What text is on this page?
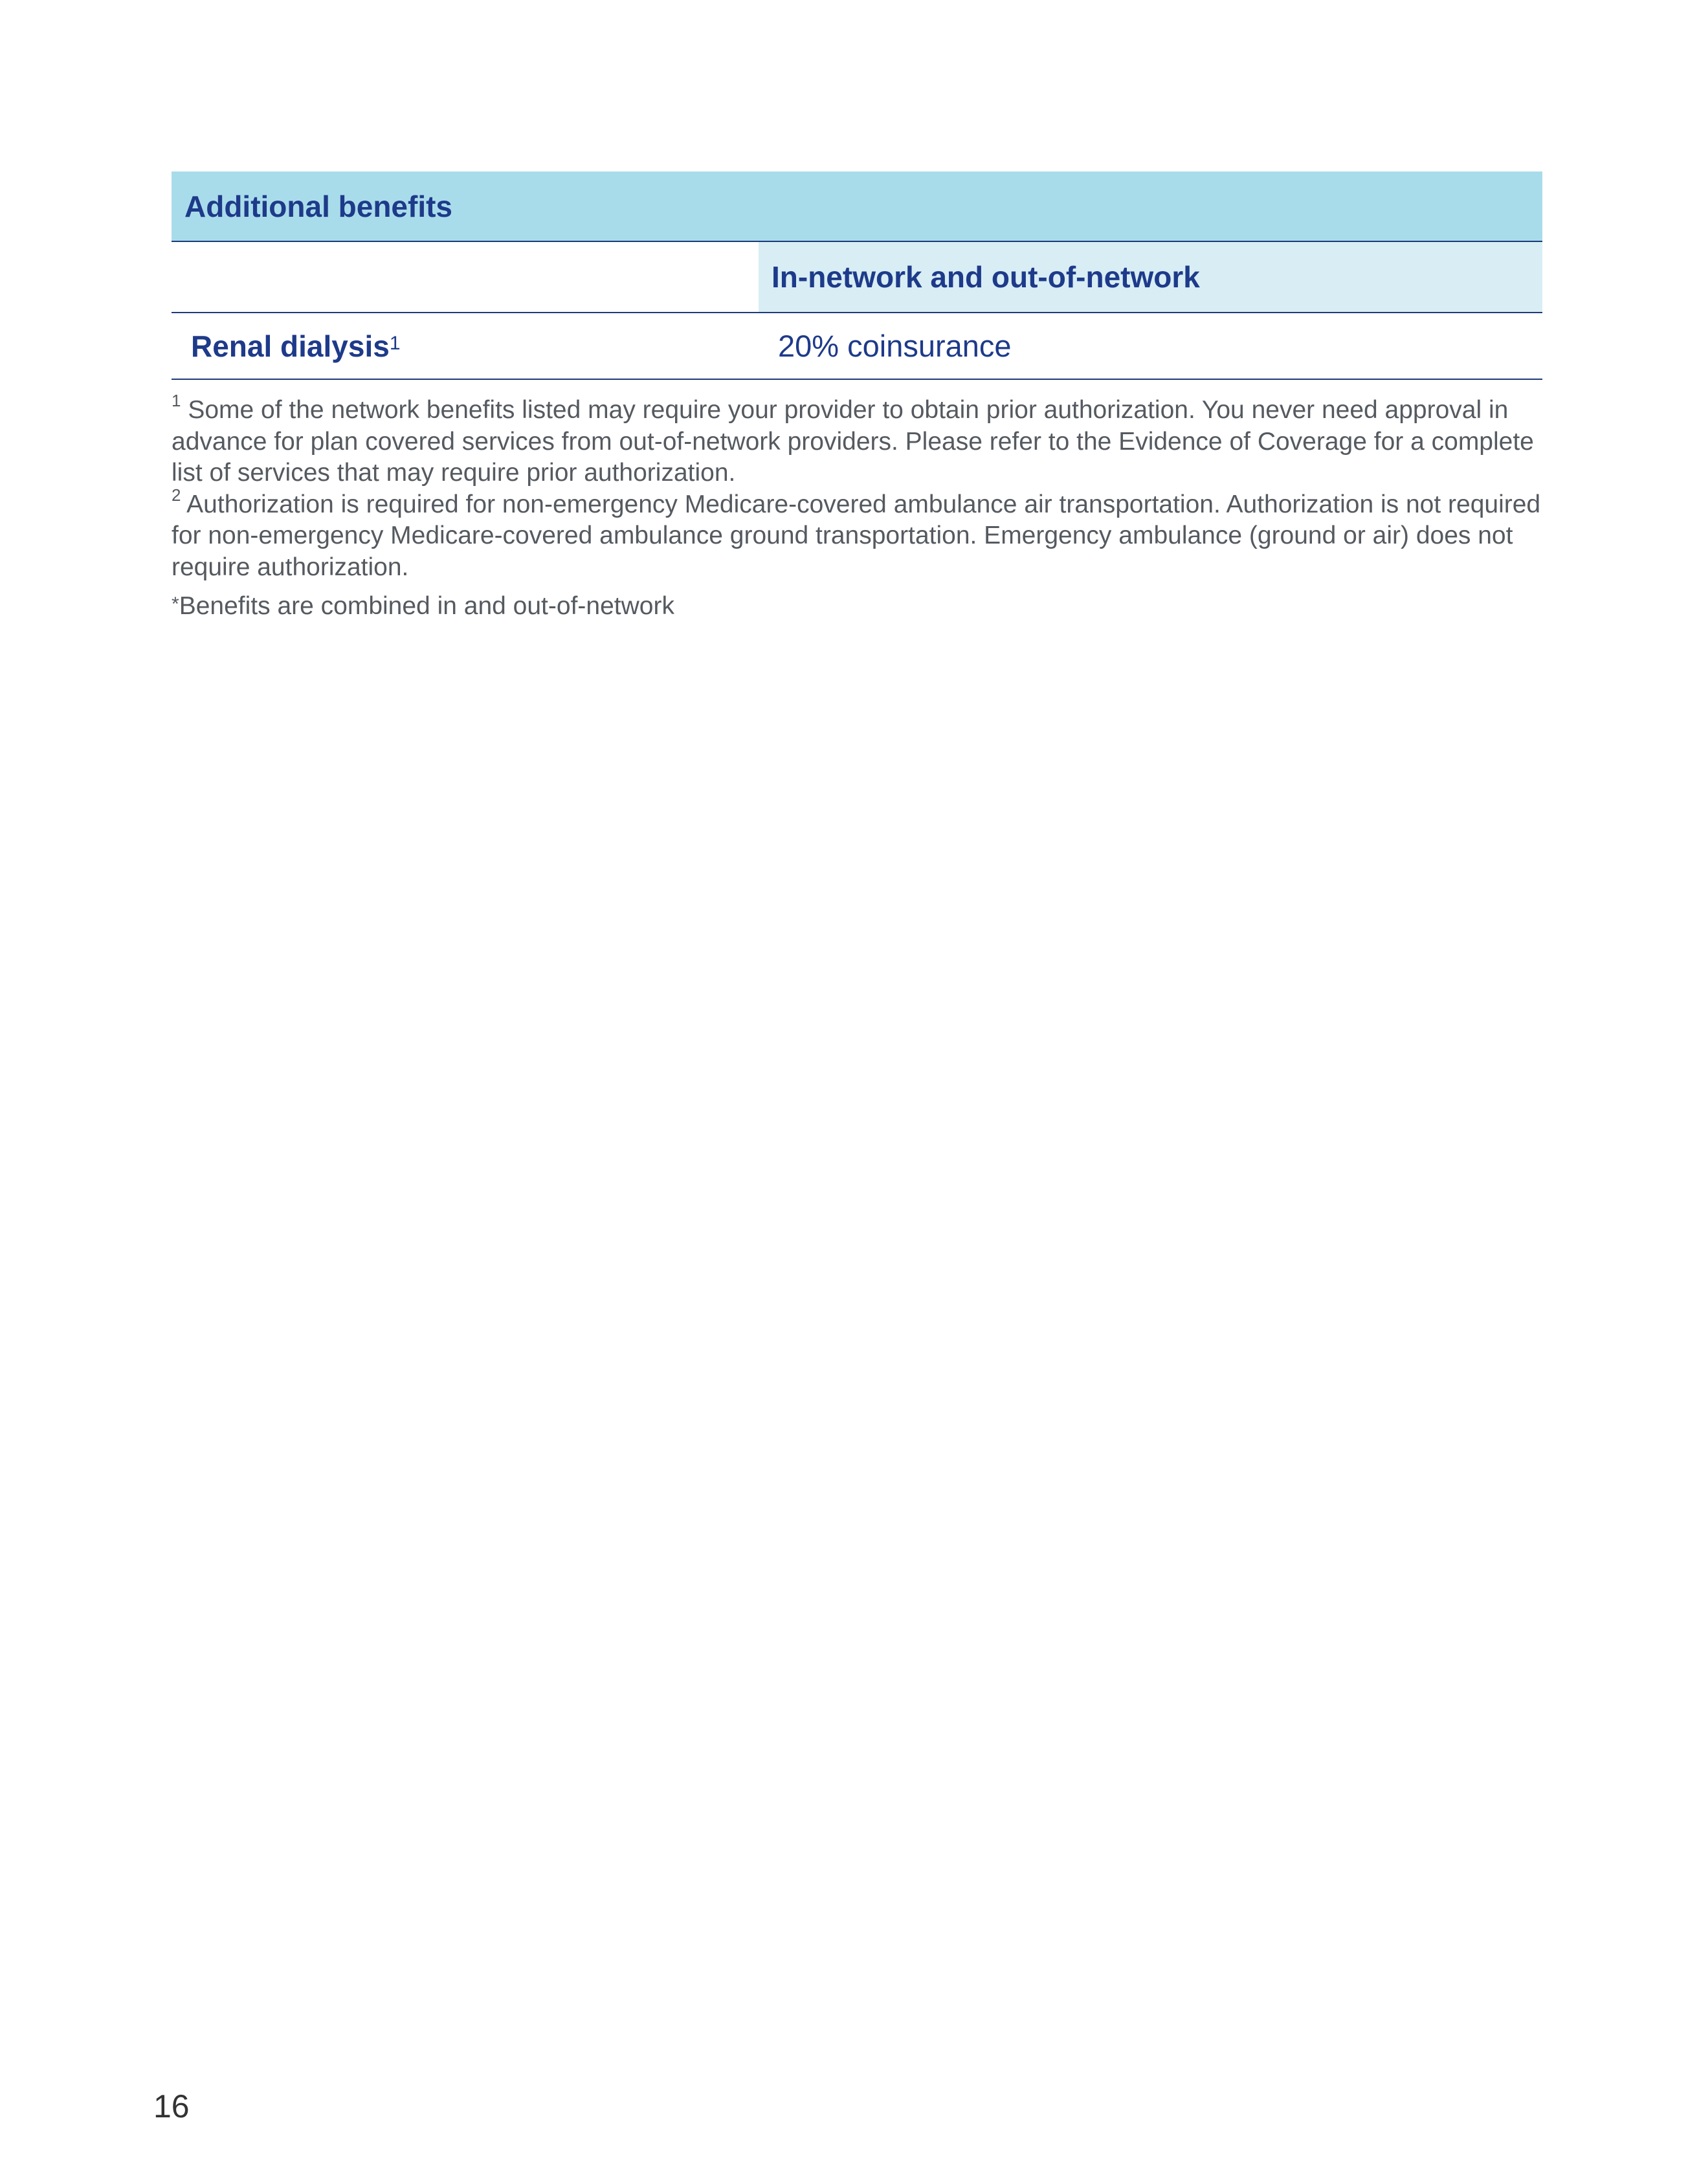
Additional benefits
In-network and out-of-network
Renal dialysis$^1$	20% coinsurance

$^1$ Some of the network benefits listed may require your provider to obtain prior authorization. You never need approval in advance for plan covered services from out-of-network providers. Please refer to the Evidence of Coverage for a complete list of services that may require prior authorization.

$^2$ Authorization is required for non-emergency Medicare-covered ambulance air transportation. Authorization is not required for non-emergency Medicare-covered ambulance ground transportation. Emergency ambulance (ground or air) does not require authorization.

*Benefits are combined in and out-of-network

16
